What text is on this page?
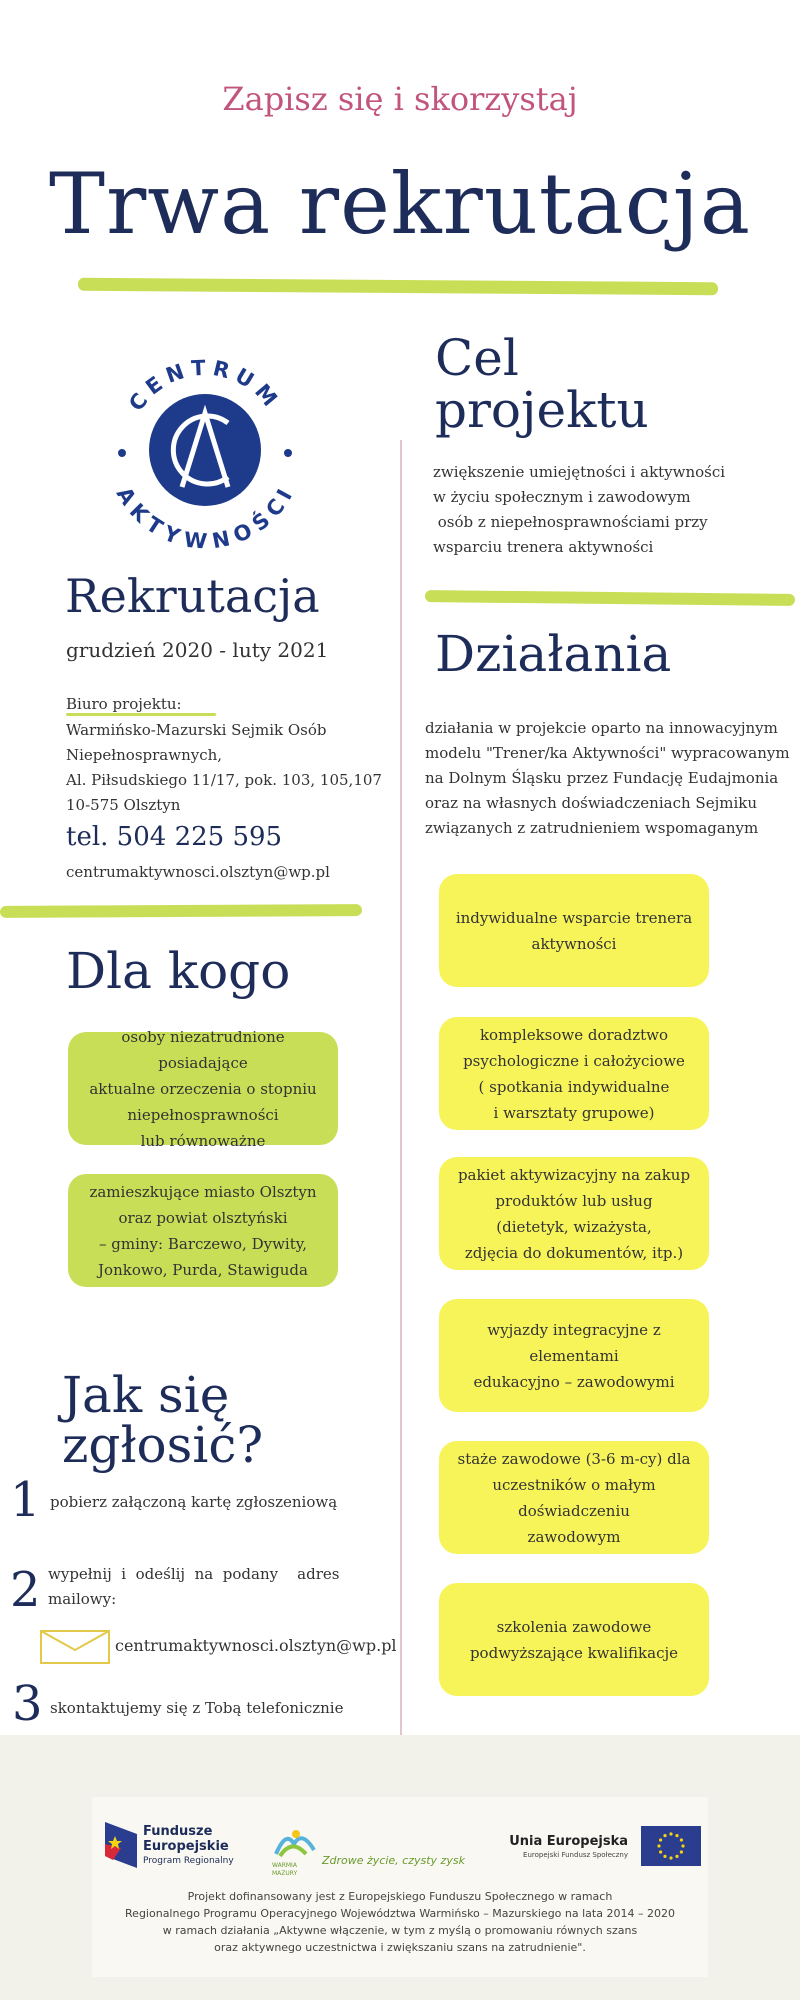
Zapisz się i skorzystaj
Trwa rekrutacja
CENTRUM
AKTYWNOŚCI
Cel
projektu
zwiększenie umiejętności i aktywności
w życiu społecznym i zawodowym
osób z niepełnosprawnościami przy
wsparciu trenera aktywności
Rekrutacja
grudzień 2020 - luty 2021
Biuro projektu:
Warmińsko-Mazurski Sejmik Osób
Niepełnosprawnych,
Al. Piłsudskiego 11/17, pok. 103, 105,107
10-575 Olsztyn
tel. 504 225 595
centrumaktywnosci.olsztyn@wp.pl
Działania
działania w projekcie oparto na innowacyjnym
modelu "Trener/ka Aktywności" wypracowanym
na Dolnym Śląsku przez Fundację Eudajmonia
oraz na własnych doświadczeniach Sejmiku
związanych z zatrudnieniem wspomaganym
indywidualne wsparcie trenera
aktywności
kompleksowe doradztwo
psychologiczne i całożyciowe
( spotkania indywidualne
i warsztaty grupowe)
pakiet aktywizacyjny na zakup
produktów lub usług
(dietetyk, wizażysta,
zdjęcia do dokumentów, itp.)
wyjazdy integracyjne z elementami
edukacyjno – zawodowymi
staże zawodowe (3-6 m-cy) dla
uczestników o małym doświadczeniu
zawodowym
szkolenia zawodowe
podwyższające kwalifikacje
Dla kogo
osoby niezatrudnione posiadające
aktualne orzeczenia o stopniu
niepełnosprawności
lub równoważne
zamieszkujące miasto Olsztyn
oraz powiat olsztyński
– gminy: Barczewo, Dywity,
Jonkowo, Purda, Stawiguda
Jak się
zgłosić?
1 pobierz załączoną kartę zgłoszeniową
2 wypełnij  i  odeślij  na  podany    adres
mailowy:
centrumaktywnosci.olsztyn@wp.pl
3 skontaktujemy się z Tobą telefonicznie
Fundusze
Europejskie
Program Regionalny	WARMIA MAZURY
Zdrowe życie, czysty zysk
Unia Europejska
Europejski Fundusz Społeczny
Projekt dofinansowany jest z Europejskiego Funduszu Społecznego w ramach
Regionalnego Programu Operacyjnego Województwa Warmińsko – Mazurskiego na lata 2014 – 2020
w ramach działania „Aktywne włączenie, w tym z myślą o promowaniu równych szans
oraz aktywnego uczestnictwa i zwiększaniu szans na zatrudnienie".
